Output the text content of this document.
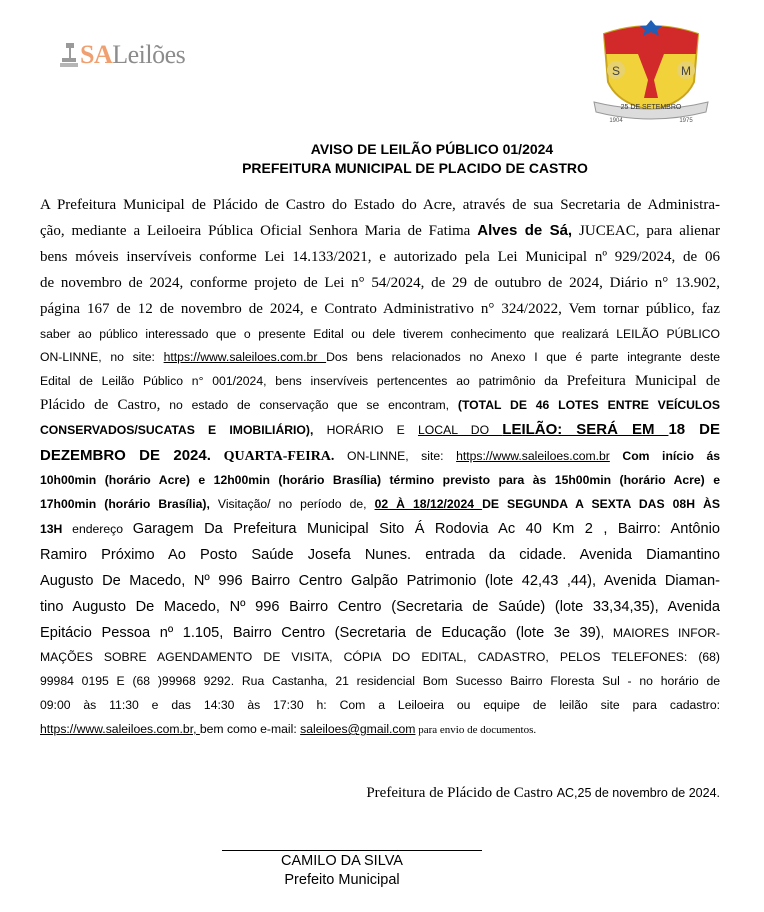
SALeilões
S	M
25 DE SETEMBRO
1904	1975
AVISO DE LEILÃO PÚBLICO 01/2024
PREFEITURA MUNICIPAL DE PLACIDO DE CASTRO
A Prefeitura Municipal de Plácido de Castro do Estado do Acre, através de sua Secretaria de Administra-
ção, mediante a Leiloeira Pública Oficial Senhora Maria de Fatima Alves de Sá, JUCEAC, para alienar
bens móveis inservíveis conforme Lei 14.133/2021, e autorizado pela Lei Municipal nº 929/2024, de 06
de novembro de 2024, conforme projeto de Lei n° 54/2024, de 29 de outubro de 2024, Diário n° 13.902,
página 167 de 12 de novembro de 2024, e Contrato Administrativo n° 324/2022, Vem tornar público, faz
saber ao público interessado que o presente Edital ou dele tiverem conhecimento que realizará LEILÃO PÚBLICO
ON-LINNE, no site: https://www.saleiloes.com.br Dos bens relacionados no Anexo I que é parte integrante deste
Edital de Leilão Público n° 001/2024, bens inservíveis pertencentes ao patrimônio da Prefeitura Municipal de
Plácido de Castro, no estado de conservação que se encontram, (TOTAL DE 46 LOTES ENTRE VEÍCULOS
CONSERVADOS/SUCATAS E IMOBILIÁRIO), HORÁRIO E LOCAL DO LEILÃO: SERÁ EM 18 DE
DEZEMBRO DE 2024. QUARTA-FEIRA. ON-LINNE, site: https://www.saleiloes.com.br Com início ás
10h00min (horário Acre) e 12h00min (horário Brasília) término previsto para às 15h00min (horário Acre) e
17h00min (horário Brasília), Visitação/ no período de, 02 À 18/12/2024 DE SEGUNDA A SEXTA DAS 08H ÀS
13H endereço Garagem Da Prefeitura Municipal Sito Á Rodovia Ac 40 Km 2 , Bairro: Antônio
Ramiro Próximo Ao Posto Saúde Josefa Nunes. entrada da cidade. Avenida Diamantino
Augusto De Macedo, Nº 996 Bairro Centro Galpão Patrimonio (lote 42,43 ,44), Avenida Diaman-
tino Augusto De Macedo, Nº 996 Bairro Centro (Secretaria de Saúde) (lote 33,34,35), Avenida
Epitácio Pessoa nº 1.105, Bairro Centro (Secretaria de Educação (lote 3e 39), MAIORES INFOR-
MAÇÕES SOBRE AGENDAMENTO DE VISITA, CÓPIA DO EDITAL, CADASTRO, PELOS TELEFONES: (68)
99984 0195 E (68 )99968 9292. Rua Castanha, 21 residencial Bom Sucesso Bairro Floresta Sul - no horário de
09:00 às 11:30 e das 14:30 às 17:30 h: Com a Leiloeira ou equipe de leilão site para cadastro:
https://www.saleiloes.com.br, bem como e-mail: saleiloes@gmail.com para envio de documentos.
Prefeitura de Plácido de Castro AC,25 de novembro de 2024.
CAMILO DA SILVA
Prefeito Municipal
